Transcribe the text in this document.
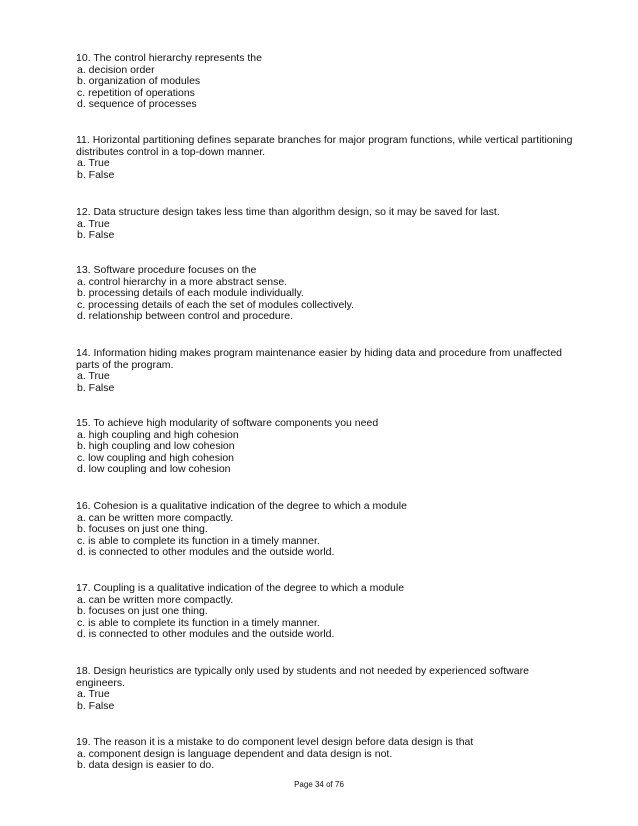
10. The control hierarchy represents the

a. decision order

b. organization of modules

c. repetition of operations

d. sequence of processes

11. Horizontal partitioning defines separate branches for major program functions, while vertical partitioning distributes control in a top-down manner.

a. True

b. False

12. Data structure design takes less time than algorithm design, so it may be saved for last.

a. True

b. False

13. Software procedure focuses on the

a. control hierarchy in a more abstract sense.

b. processing details of each module individually.

c. processing details of each the set of modules collectively.

d. relationship between control and procedure.

14. Information hiding makes program maintenance easier by hiding data and procedure from unaffected parts of the program.

a. True

b. False

15. To achieve high modularity of software components you need

a. high coupling and high cohesion

b. high coupling and low cohesion

c. low coupling and high cohesion

d. low coupling and low cohesion

16. Cohesion is a qualitative indication of the degree to which a module

a. can be written more compactly.

b. focuses on just one thing.

c. is able to complete its function in a timely manner.

d. is connected to other modules and the outside world.

17. Coupling is a qualitative indication of the degree to which a module

a. can be written more compactly.

b. focuses on just one thing.

c. is able to complete its function in a timely manner.

d. is connected to other modules and the outside world.

18. Design heuristics are typically only used by students and not needed by experienced software engineers.

a. True

b. False

19. The reason it is a mistake to do component level design before data design is that

a. component design is language dependent and data design is not.

b. data design is easier to do.

Page 34 of 76
